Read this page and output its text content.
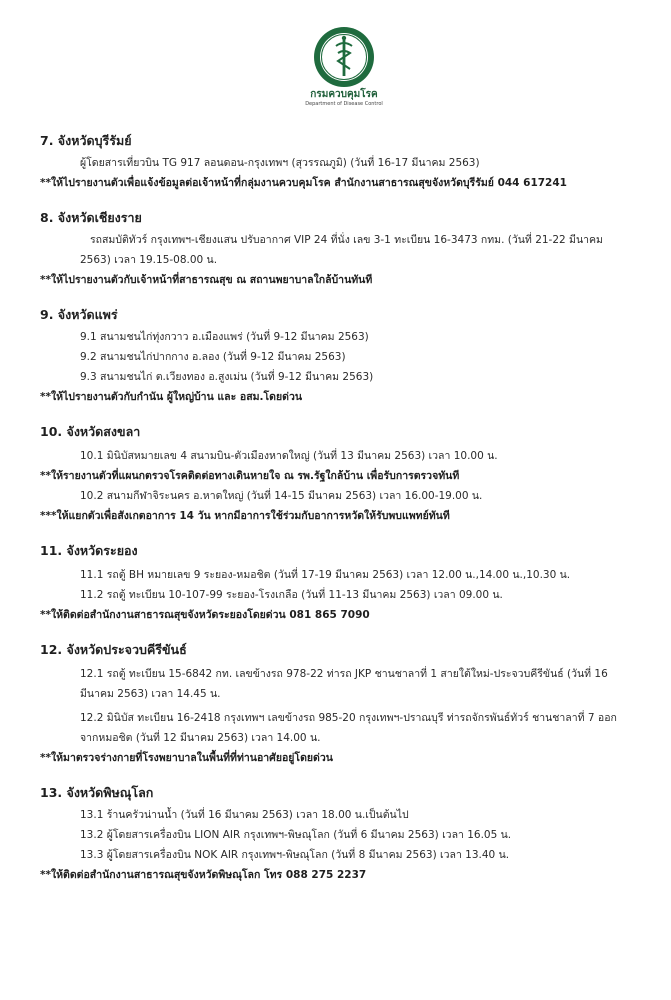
กรมควบคุมโรค
Department of Disease Control
7. จังหวัดบุรีรัมย์
ผู้โดยสารเที่ยวบิน TG 917 ลอนดอน-กรุงเทพฯ (สุวรรณภูมิ) (วันที่ 16-17 มีนาคม 2563)
**ให้ไปรายงานตัวเพื่อแจ้งข้อมูลต่อเจ้าหน้าที่กลุ่มงานควบคุมโรค สำนักงานสาธารณสุขจังหวัดบุรีรัมย์ 044 617241
8. จังหวัดเชียงราย
รถสมบัติทัวร์ กรุงเทพฯ-เชียงแสน ปรับอากาศ VIP 24 ที่นั่ง เลข 3-1 ทะเบียน 16-3473 กทม. (วันที่ 21-22 มีนาคม
2563) เวลา 19.15-08.00 น.
**ให้ไปรายงานตัวกับเจ้าหน้าที่สาธารณสุข ณ สถานพยาบาลใกล้บ้านทันที
9. จังหวัดแพร่
9.1 สนามชนไก่ทุ่งกวาว อ.เมืองแพร่ (วันที่ 9-12 มีนาคม 2563)
9.2 สนามชนไก่ปากกาง อ.ลอง (วันที่ 9-12 มีนาคม 2563)
9.3 สนามชนไก่ ต.เวียงทอง อ.สูงเม่น (วันที่ 9-12 มีนาคม 2563)
**ให้ไปรายงานตัวกับกำนัน ผู้ใหญ่บ้าน และ อสม.โดยด่วน
10. จังหวัดสงขลา
10.1 มินิบัสหมายเลข 4 สนามบิน-ตัวเมืองหาดใหญ่ (วันที่ 13 มีนาคม 2563) เวลา 10.00 น.
**ให้รายงานตัวที่แผนกตรวจโรคติดต่อทางเดินหายใจ ณ รพ.รัฐใกล้บ้าน เพื่อรับการตรวจทันที
10.2 สนามกีฬาจิระนคร อ.หาดใหญ่ (วันที่ 14-15 มีนาคม 2563) เวลา 16.00-19.00 น.
***ให้แยกตัวเพื่อสังเกตอาการ 14 วัน หากมีอาการใช้ร่วมกับอาการหวัดให้รับพบแพทย์ทันที
11. จังหวัดระยอง
11.1 รถตู้ BH หมายเลข 9 ระยอง-หมอชิต (วันที่ 17-19 มีนาคม 2563) เวลา 12.00 น.,14.00 น.,10.30 น.
11.2 รถตู้ ทะเบียน 10-107-99 ระยอง-โรงเกลือ (วันที่ 11-13 มีนาคม 2563) เวลา 09.00 น.
**ให้ติดต่อสำนักงานสาธารณสุขจังหวัดระยองโดยด่วน 081 865 7090
12. จังหวัดประจวบคีรีขันธ์
12.1 รถตู้ ทะเบียน 15-6842 กท. เลขข้างรถ 978-22 ท่ารถ JKP ชานชาลาที่ 1 สายใต้ใหม่-ประจวบคีรีขันธ์ (วันที่ 16
มีนาคม 2563) เวลา 14.45 น.
12.2 มินิบัส ทะเบียน 16-2418 กรุงเทพฯ เลขข้างรถ 985-20 กรุงเทพฯ-ปราณบุรี ท่ารถจักรพันธ์ทัวร์ ชานชาลาที่ 7 ออก
จากหมอชิต (วันที่ 12 มีนาคม 2563) เวลา 14.00 น.
**ให้มาตรวจร่างกายที่โรงพยาบาลในพื้นที่ที่ท่านอาศัยอยู่โดยด่วน
13. จังหวัดพิษณุโลก
13.1 ร้านครัวน่านน้ำ (วันที่ 16 มีนาคม 2563) เวลา 18.00 น.เป็นต้นไป
13.2 ผู้โดยสารเครื่องบิน LION AIR กรุงเทพฯ-พิษณุโลก (วันที่ 6 มีนาคม 2563) เวลา 16.05 น.
13.3 ผู้โดยสารเครื่องบิน NOK AIR กรุงเทพฯ-พิษณุโลก (วันที่ 8 มีนาคม 2563) เวลา 13.40 น.
**ให้ติดต่อสำนักงานสาธารณสุขจังหวัดพิษณุโลก โทร 088 275 2237
